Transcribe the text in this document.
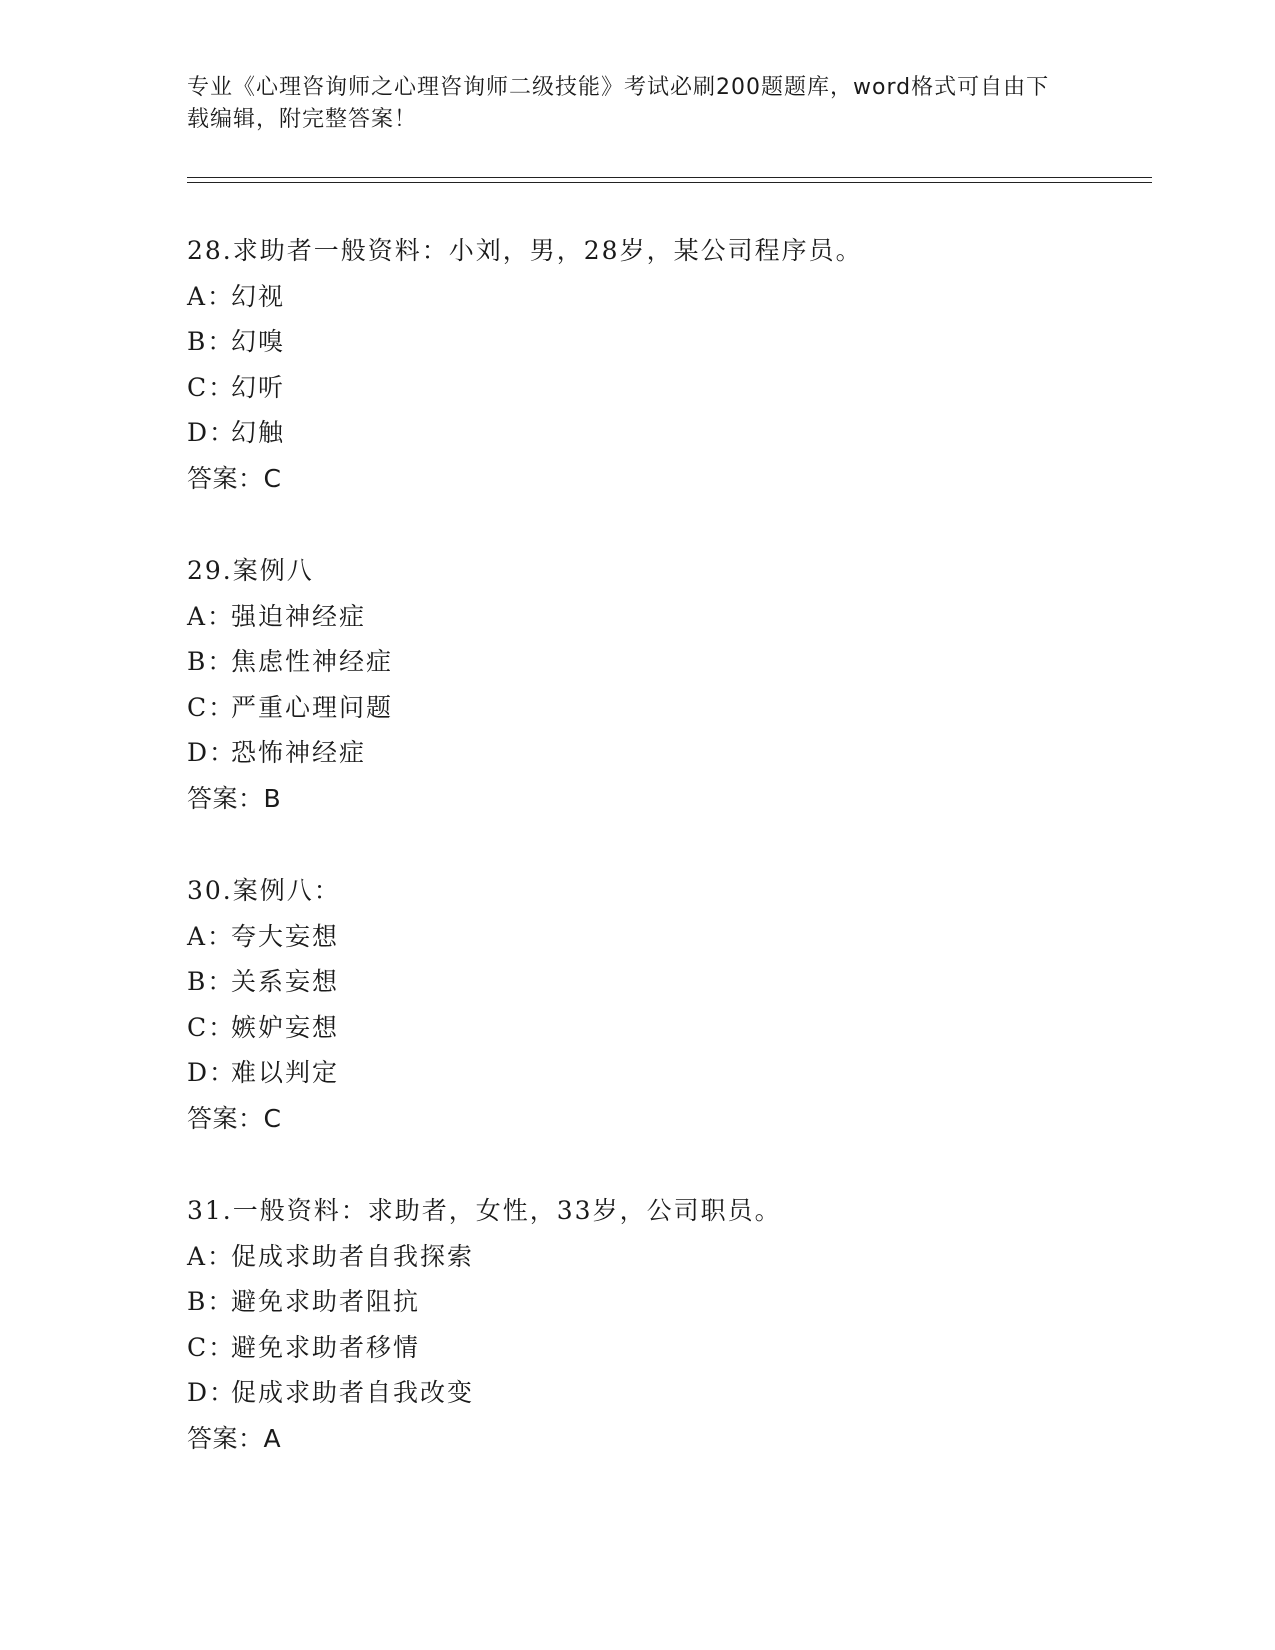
专业《心理咨询师之心理咨询师二级技能》考试必刷200题题库，word格式可自由下载编辑，附完整答案！
28.求助者一般资料：小刘，男，28岁，某公司程序员。
A：幻视
B：幻嗅
C：幻听
D：幻触
答案：C
29.案例八
A：强迫神经症
B：焦虑性神经症
C：严重心理问题
D：恐怖神经症
答案：B
30.案例八：
A：夸大妄想
B：关系妄想
C：嫉妒妄想
D：难以判定
答案：C
31.一般资料：求助者，女性，33岁，公司职员。
A：促成求助者自我探索
B：避免求助者阻抗
C：避免求助者移情
D：促成求助者自我改变
答案：A
